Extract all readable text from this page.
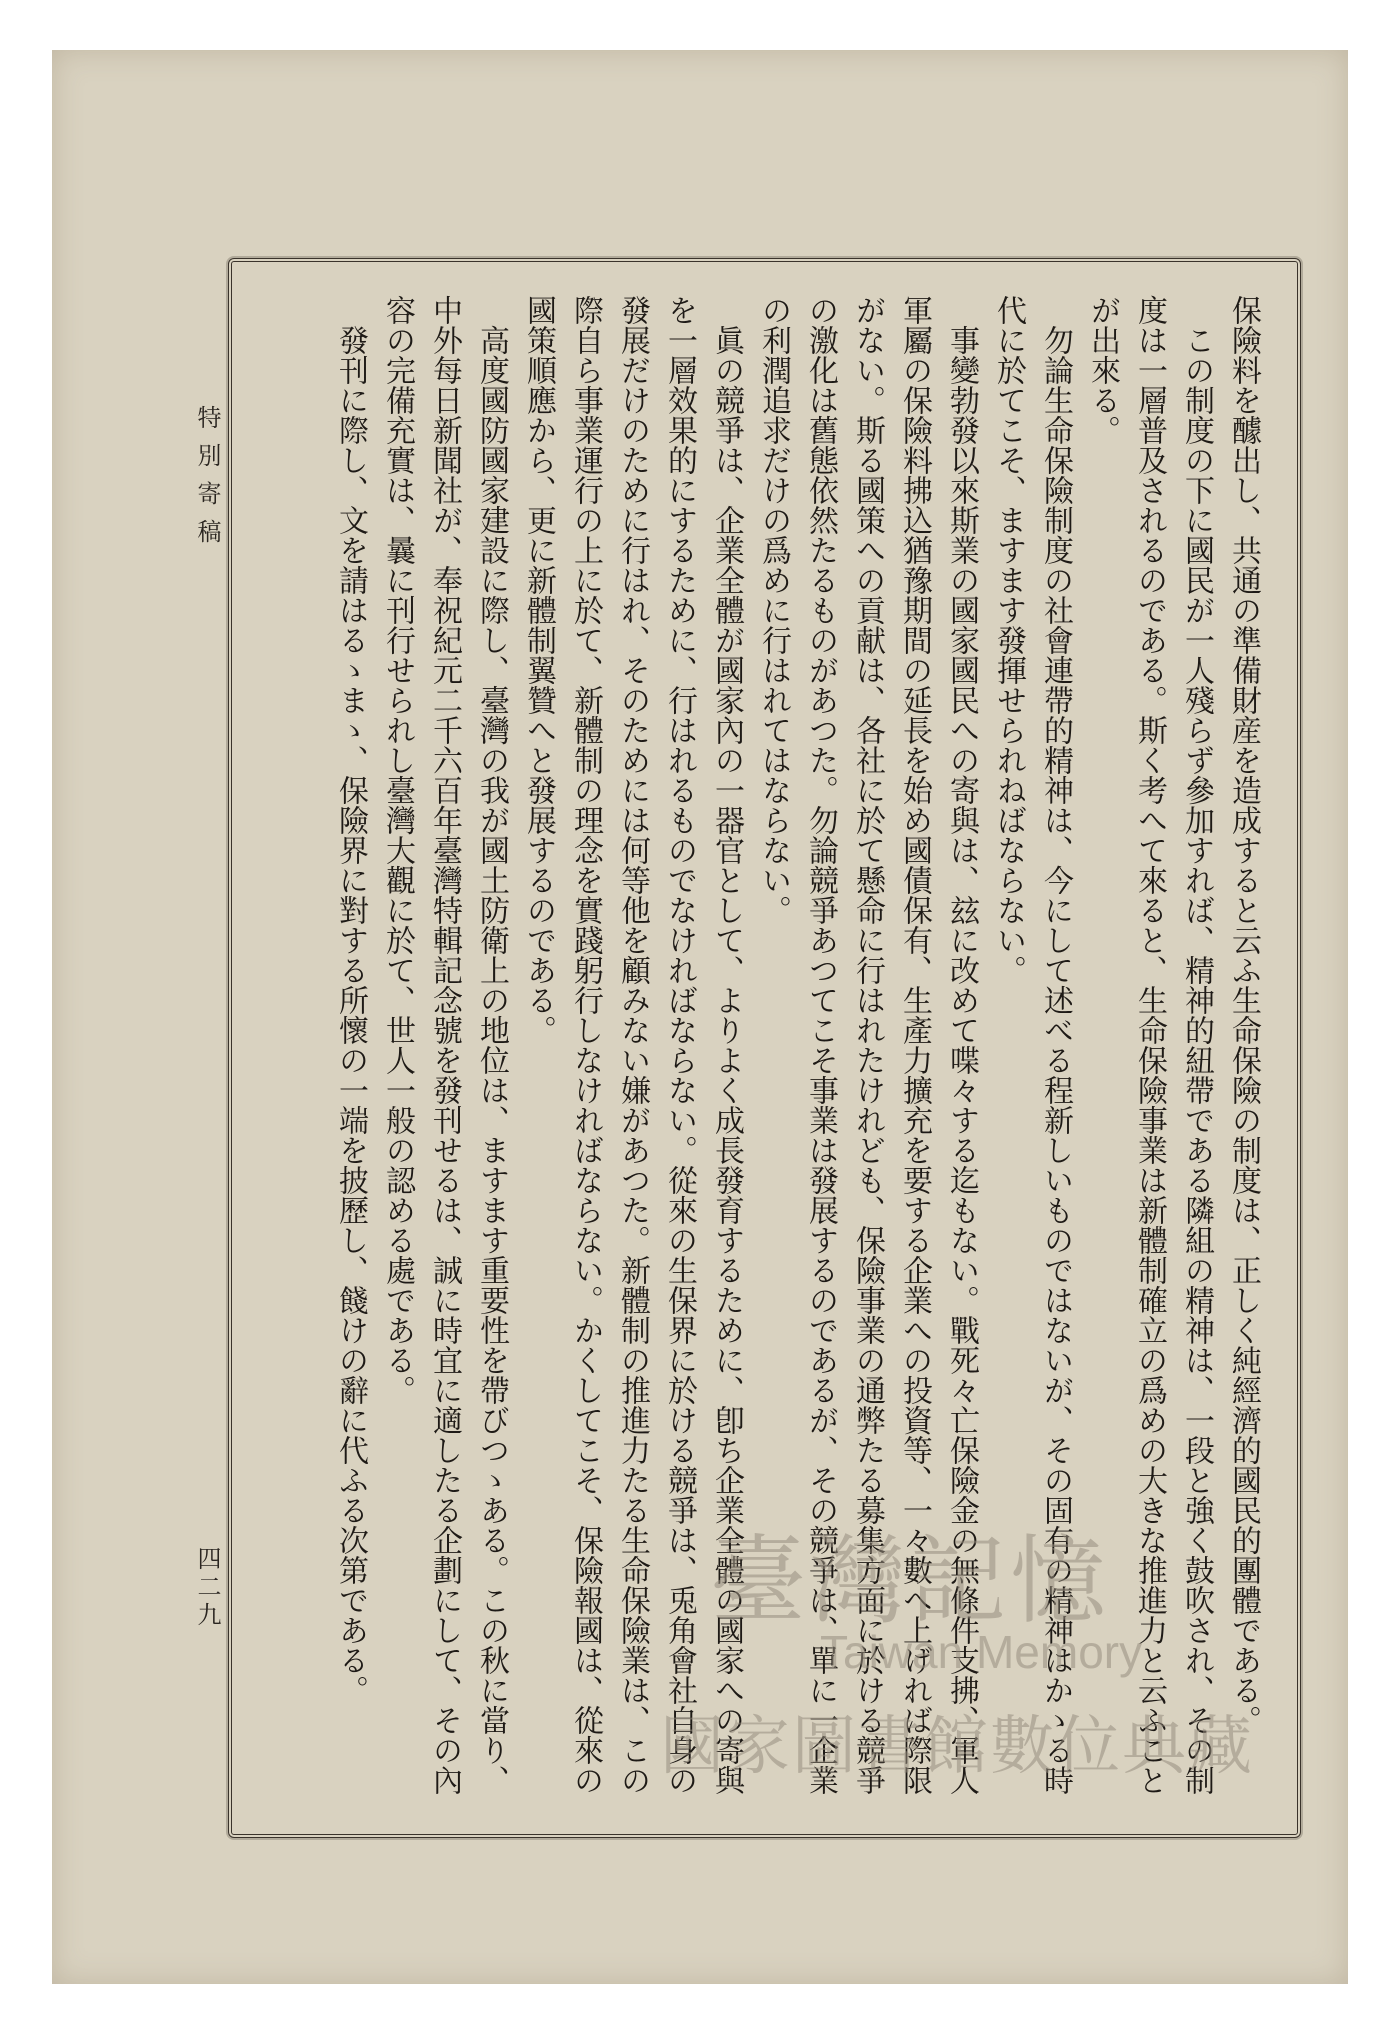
特別寄稿
四二九	保險料を醵出し、共通の準備財産を造成すると云ふ生命保險の制度は、正しく純經濟的國民的團體である。

この制度の下に國民が一人殘らず參加すれば、精神的紐帶である隣組の精神は、一段と強く鼓吹され、その制度は一層普及されるのである。斯く考へて來ると、生命保險事業は新體制確立の爲めの大きな推進力と云ふことが出來る。

勿論生命保險制度の社會連帶的精神は、今にして述べる程新しいものではないが、その固有の精神はかゝる時代に於てこそ、ますます發揮せられねばならない。

事變勃發以來斯業の國家國民への寄與は、玆に改めて喋々する迄もない。戰死々亡保險金の無條件支拂、軍人軍屬の保險料拂込猶豫期間の延長を始め國債保有、生產力擴充を要する企業への投資等、一々數へ上げれば際限がない。斯る國策への貢献は、各社に於て懸命に行はれたけれども、保險事業の通弊たる募集方面に於ける競爭の激化は舊態依然たるものがあつた。勿論競爭あつてこそ事業は發展するのであるが、その競爭は、單に一企業の利潤追求だけの爲めに行はれてはならない。

眞の競爭は、企業全體が國家內の一器官として、よりよく成長發育するために、卽ち企業全體の國家への寄與を一層效果的にするために、行はれるものでなければならない。從來の生保界に於ける競爭は、兎角會社自身の發展だけのために行はれ、そのためには何等他を顧みない嫌があつた。新體制の推進力たる生命保險業は、この際自ら事業運行の上に於て、新體制の理念を實踐躬行しなければならない。かくしてこそ、保險報國は、從來の國策順應から、更に新體制翼贊へと發展するのである。

高度國防國家建設に際し、臺灣の我が國土防衛上の地位は、ますます重要性を帶びつゝある。この秋に當り、中外每日新聞社が、奉祝紀元二千六百年臺灣特輯記念號を發刊せるは、誠に時宜に適したる企劃にして、その內容の完備充實は、曩に刊行せられし臺灣大觀に於て、世人一般の認める處である。

發刊に際し、文を請はるゝまゝ、保險界に對する所懷の一端を披歷し、餞けの辭に代ふる次第である。	臺灣記憶
Taiwan Memory
國家圖書館數位典藏
